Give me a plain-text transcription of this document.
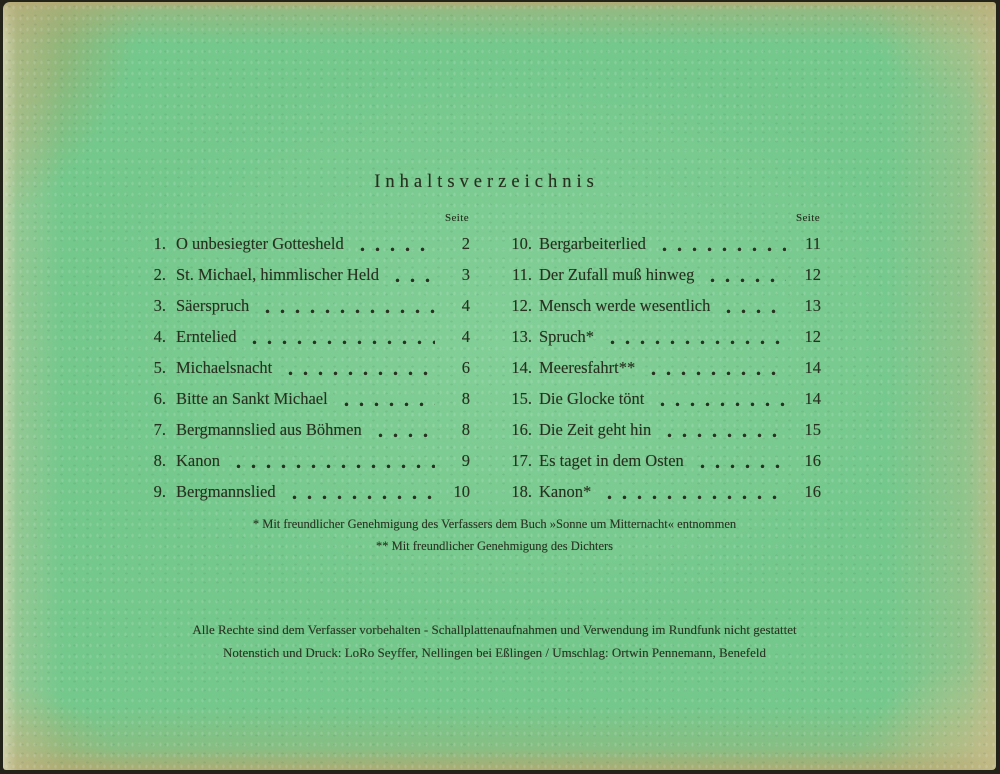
Inhaltsverzeichnis
Seite
1. O unbesiegter Gottesheld	2
2. St. Michael, himmlischer Held	3
3. Säerspruch	4
4. Erntelied	4
5. Michaelsnacht	6
6. Bitte an Sankt Michael	8
7. Bergmannslied aus Böhmen	8
8. Kanon	9
9. Bergmannslied	10
Seite
10. Bergarbeiterlied	11
11. Der Zufall muß hinweg	12
12. Mensch werde wesentlich	13
13. Spruch*	12
14. Meeresfahrt**	14
15. Die Glocke tönt	14
16. Die Zeit geht hin	15
17. Es taget in dem Osten	16
18. Kanon*	16
* Mit freundlicher Genehmigung des Verfassers dem Buch »Sonne um Mitternacht« entnommen
** Mit freundlicher Genehmigung des Dichters
Alle Rechte sind dem Verfasser vorbehalten - Schallplattenaufnahmen und Verwendung im Rundfunk nicht gestattet
Notenstich und Druck: LoRo Seyffer, Nellingen bei Eßlingen / Umschlag: Ortwin Pennemann, Benefeld
